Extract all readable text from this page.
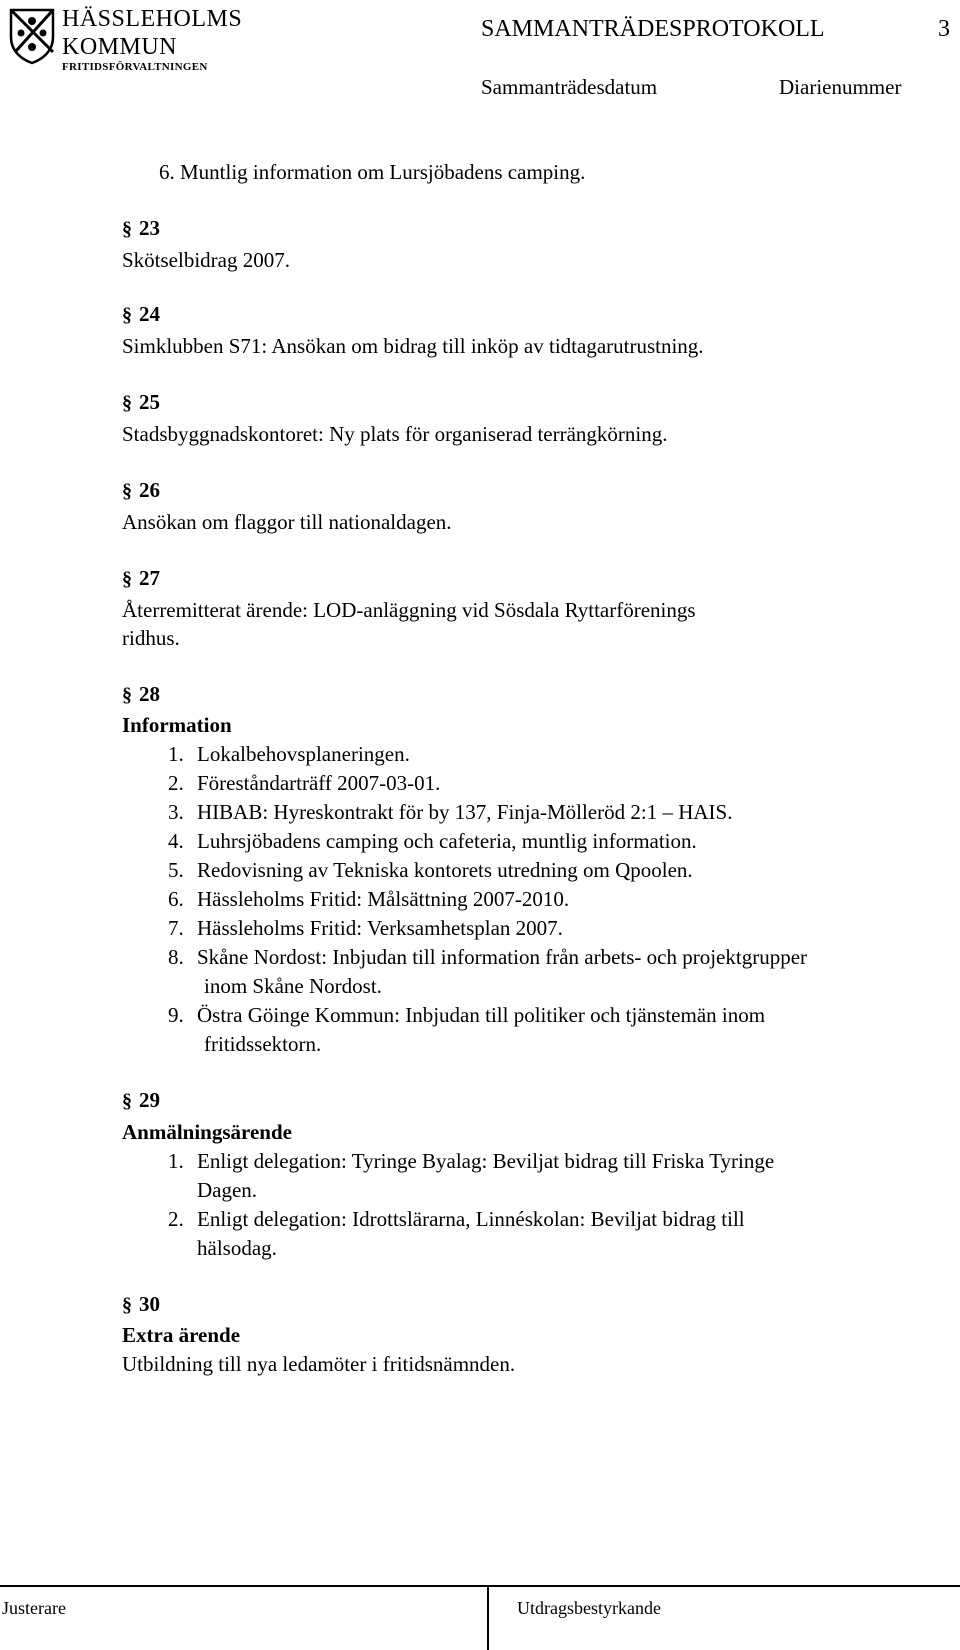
HÄSSLEHOLMS
KOMMUN
FRITIDSFÖRVALTNINGEN
SAMMANTRÄDESPROTOKOLL	3
Sammanträdesdatum	Diarienummer
6. Muntlig information om Lursjöbadens camping.
§ 23
Skötselbidrag 2007.
§ 24
Simklubben S71: Ansökan om bidrag till inköp av tidtagarutrustning.
§ 25
Stadsbyggnadskontoret: Ny plats för organiserad terrängkörning.
§ 26
Ansökan om flaggor till nationaldagen.
§ 27
Återremitterat ärende: LOD-anläggning vid Sösdala Ryttarförenings
ridhus.
§ 28
Information
1. Lokalbehovsplaneringen.
2. Föreståndarträff 2007-03-01.
3. HIBAB: Hyreskontrakt för by 137, Finja-Mölleröd 2:1 – HAIS.
4. Luhrsjöbadens camping och cafeteria, muntlig information.
5. Redovisning av Tekniska kontorets utredning om Qpoolen.
6. Hässleholms Fritid: Målsättning 2007-2010.
7. Hässleholms Fritid: Verksamhetsplan 2007.
8. Skåne Nordost: Inbjudan till information från arbets- och projektgrupper
inom Skåne Nordost.
9. Östra Göinge Kommun: Inbjudan till politiker och tjänstemän inom
fritidssektorn.
§ 29
Anmälningsärende
1. Enligt delegation: Tyringe Byalag: Beviljat bidrag till Friska Tyringe
Dagen.
2. Enligt delegation: Idrottslärarna, Linnéskolan: Beviljat bidrag till
hälsodag.
§ 30
Extra ärende
Utbildning till nya ledamöter i fritidsnämnden.
Justerare	Utdragsbestyrkande
